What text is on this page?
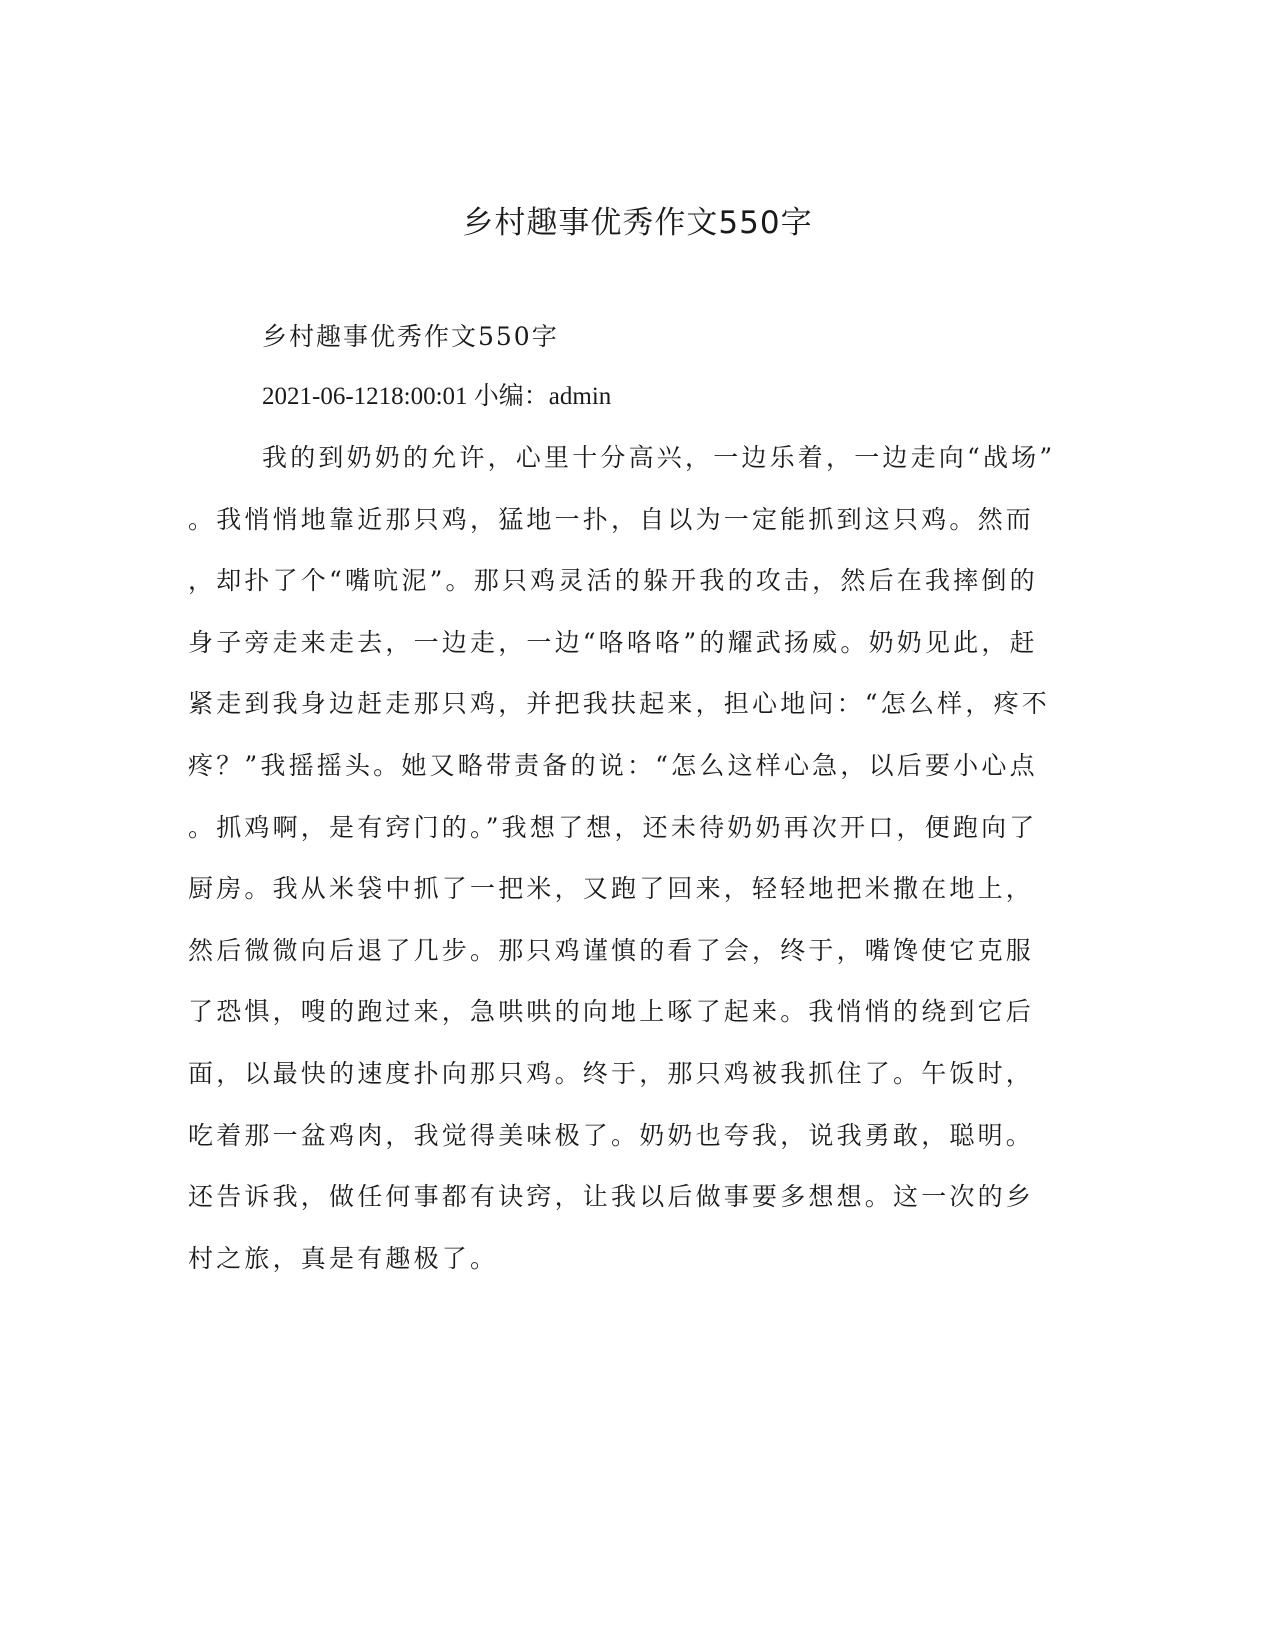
乡村趣事优秀作文550字

乡村趣事优秀作文550字

2021-06-1218:00:01 小编：admin

我的到奶奶的允许，心里十分高兴，一边乐着，一边走向“战场”
。我悄悄地靠近那只鸡，猛地一扑，自以为一定能抓到这只鸡。然而
，却扑了个“嘴吭泥”。那只鸡灵活的躲开我的攻击，然后在我摔倒的
身子旁走来走去，一边走，一边“咯咯咯”的耀武扬威。奶奶见此，赶
紧走到我身边赶走那只鸡，并把我扶起来，担心地问：“怎么样，疼不
疼？”我摇摇头。她又略带责备的说：“怎么这样心急，以后要小心点
。抓鸡啊，是有窍门的。”我想了想，还未待奶奶再次开口，便跑向了
厨房。我从米袋中抓了一把米，又跑了回来，轻轻地把米撒在地上，
然后微微向后退了几步。那只鸡谨慎的看了会，终于，嘴馋使它克服
了恐惧，嗖的跑过来，急哄哄的向地上啄了起来。我悄悄的绕到它后
面，以最快的速度扑向那只鸡。终于，那只鸡被我抓住了。午饭时，
吃着那一盆鸡肉，我觉得美味极了。奶奶也夸我，说我勇敢，聪明。
还告诉我，做任何事都有诀窍，让我以后做事要多想想。这一次的乡
村之旅，真是有趣极了。
